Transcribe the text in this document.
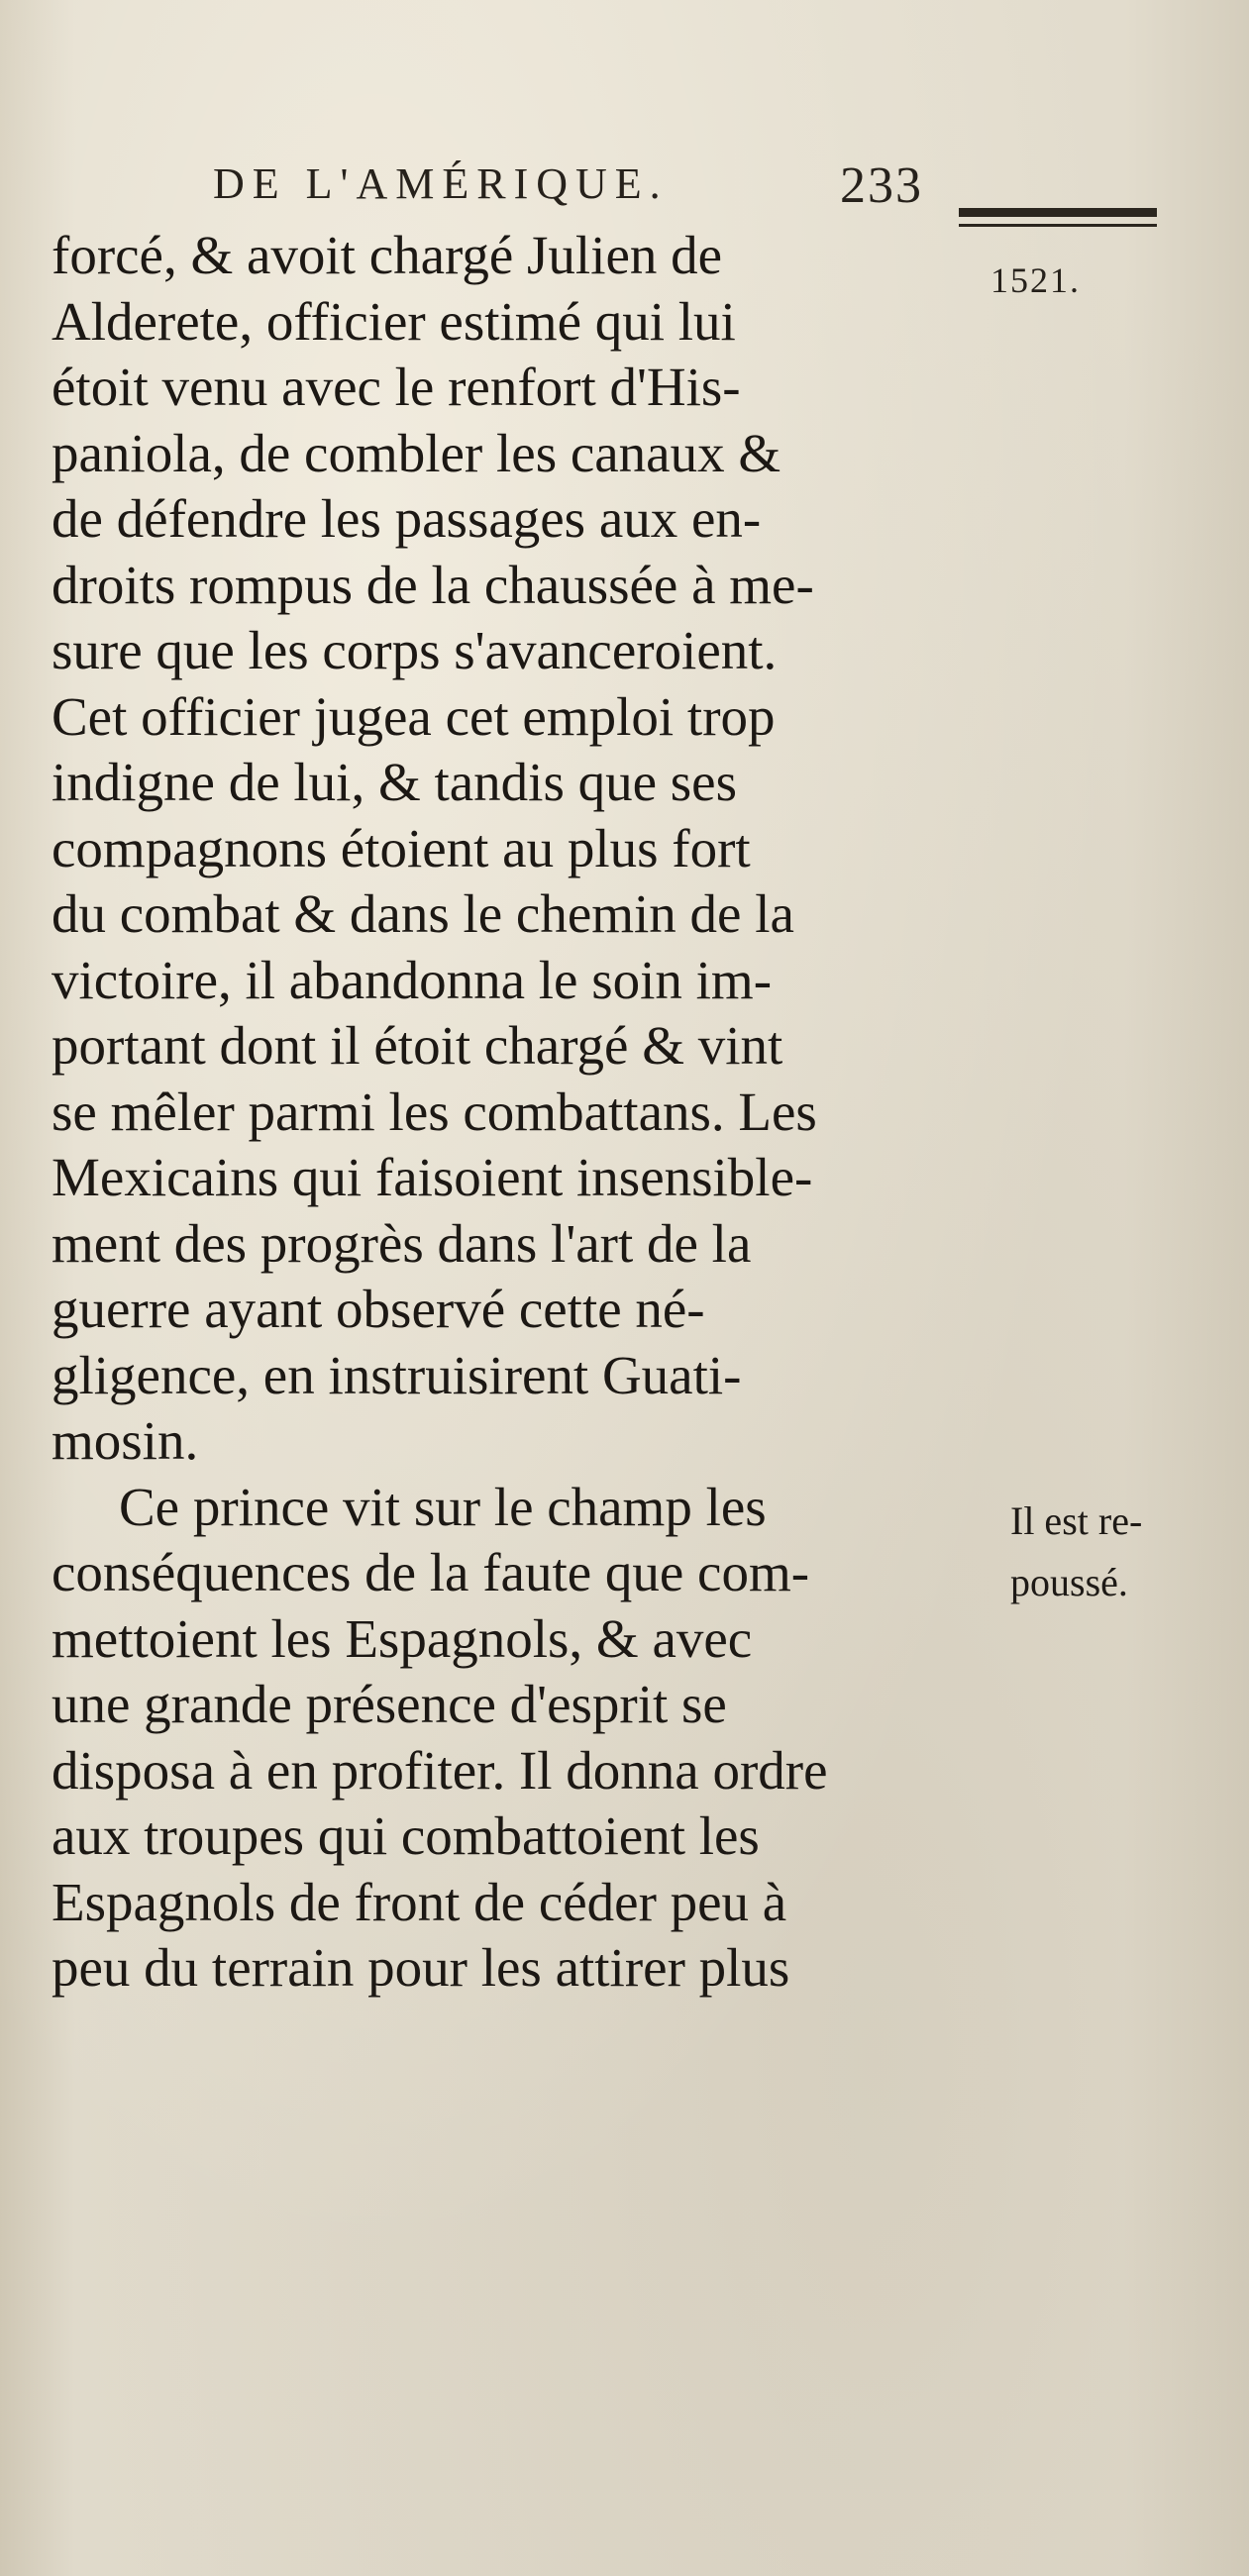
DE L'AMÉRIQUE.	233
1521.
forcé, & avoit chargé Julien de
Alderete, officier estimé qui lui
étoit venu avec le renfort d'His-
paniola, de combler les canaux &
de défendre les passages aux en-
droits rompus de la chaussée à me-
sure que les corps s'avanceroient.
Cet officier jugea cet emploi trop
indigne de lui, & tandis que ses
compagnons étoient au plus fort
du combat & dans le chemin de la
victoire, il abandonna le soin im-
portant dont il étoit chargé & vint
se mêler parmi les combattans. Les
Mexicains qui faisoient insensible-
ment des progrès dans l'art de la
guerre ayant observé cette né-
gligence, en instruisirent Guati-
mosin.
Ce prince vit sur le champ les
conséquences de la faute que com-
mettoient les Espagnols, & avec
une grande présence d'esprit se
disposa à en profiter. Il donna ordre
aux troupes qui combattoient les
Espagnols de front de céder peu à
peu du terrain pour les attirer plus
Il est re-
poussé.
